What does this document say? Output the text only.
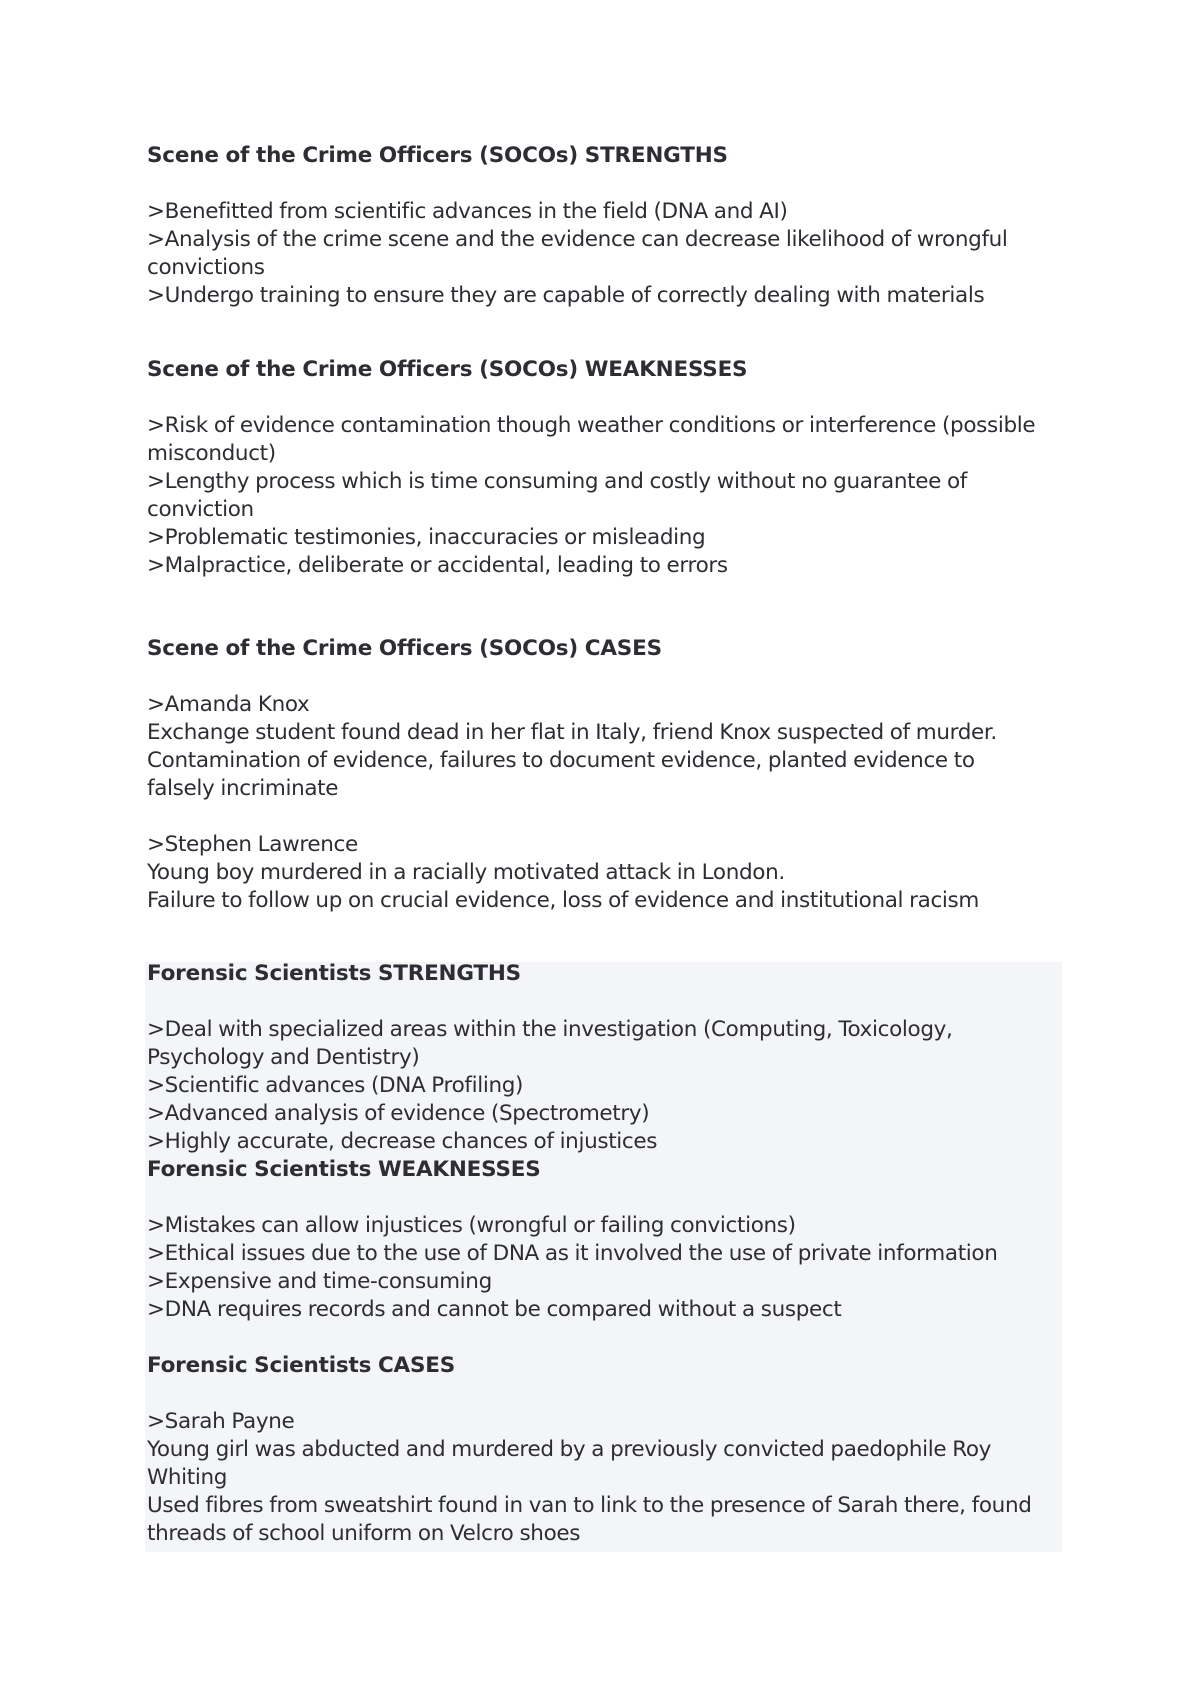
Scene of the Crime Officers (SOCOs) STRENGTHS
>Benefitted from scientific advances in the field (DNA and AI)
>Analysis of the crime scene and the evidence can decrease likelihood of wrongful
convictions
>Undergo training to ensure they are capable of correctly dealing with materials
Scene of the Crime Officers (SOCOs) WEAKNESSES
>Risk of evidence contamination though weather conditions or interference (possible
misconduct)
>Lengthy process which is time consuming and costly without no guarantee of
conviction
>Problematic testimonies, inaccuracies or misleading
>Malpractice, deliberate or accidental, leading to errors
Scene of the Crime Officers (SOCOs) CASES
>Amanda Knox
Exchange student found dead in her flat in Italy, friend Knox suspected of murder.
Contamination of evidence, failures to document evidence, planted evidence to
falsely incriminate
>Stephen Lawrence
Young boy murdered in a racially motivated attack in London.
Failure to follow up on crucial evidence, loss of evidence and institutional racism
Forensic Scientists STRENGTHS
>Deal with specialized areas within the investigation (Computing, Toxicology,
Psychology and Dentistry)
>Scientific advances (DNA Profiling)
>Advanced analysis of evidence (Spectrometry)
>Highly accurate, decrease chances of injustices
Forensic Scientists WEAKNESSES
>Mistakes can allow injustices (wrongful or failing convictions)
>Ethical issues due to the use of DNA as it involved the use of private information
>Expensive and time-consuming
>DNA requires records and cannot be compared without a suspect
Forensic Scientists CASES
>Sarah Payne
Young girl was abducted and murdered by a previously convicted paedophile Roy
Whiting
Used fibres from sweatshirt found in van to link to the presence of Sarah there, found
threads of school uniform on Velcro shoes
